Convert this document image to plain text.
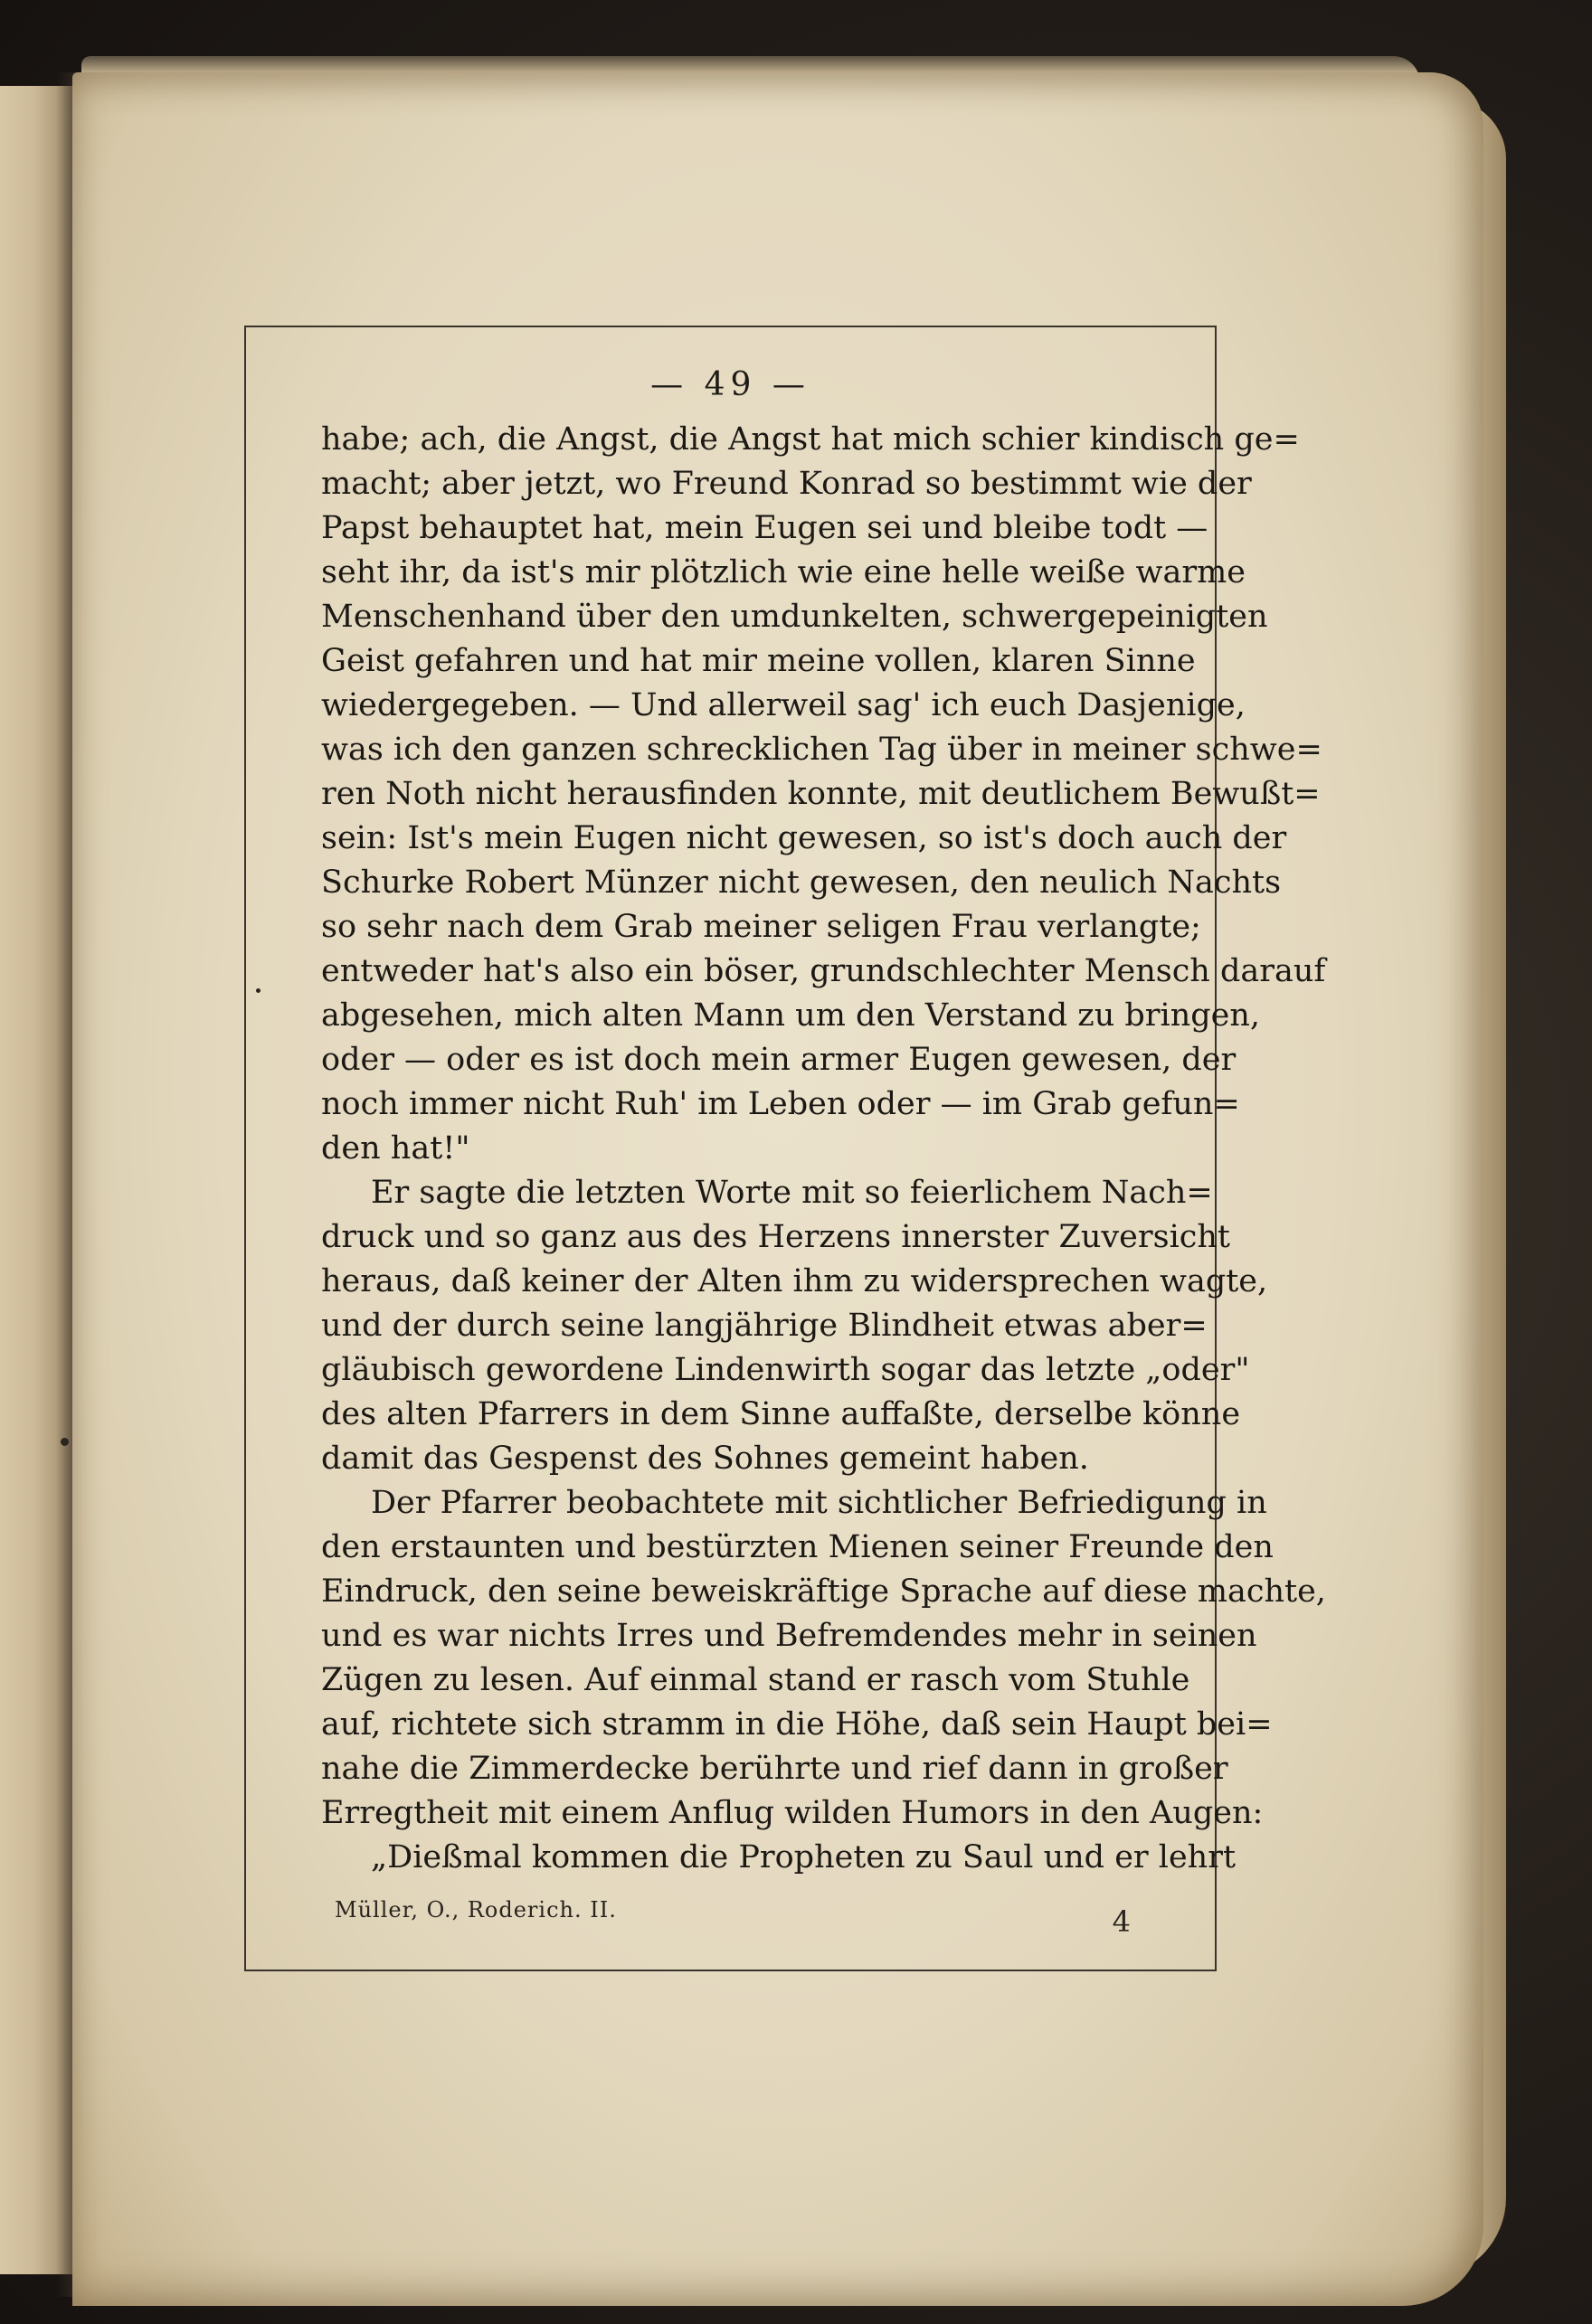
— 49 —
habe; ach, die Angst, die Angst hat mich schier kindisch ge=
macht; aber jetzt, wo Freund Konrad so bestimmt wie der
Papst behauptet hat, mein Eugen sei und bleibe todt —
seht ihr, da ist's mir plötzlich wie eine helle weiße warme
Menschenhand über den umdunkelten, schwergepeinigten
Geist gefahren und hat mir meine vollen, klaren Sinne
wiedergegeben. — Und allerweil sag' ich euch Dasjenige,
was ich den ganzen schrecklichen Tag über in meiner schwe=
ren Noth nicht herausfinden konnte, mit deutlichem Bewußt=
sein: Ist's mein Eugen nicht gewesen, so ist's doch auch der
Schurke Robert Münzer nicht gewesen, den neulich Nachts
so sehr nach dem Grab meiner seligen Frau verlangte;
entweder hat's also ein böser, grundschlechter Mensch darauf
abgesehen, mich alten Mann um den Verstand zu bringen,
oder — oder es ist doch mein armer Eugen gewesen, der
noch immer nicht Ruh' im Leben oder — im Grab gefun=
den hat!"
Er sagte die letzten Worte mit so feierlichem Nach=
druck und so ganz aus des Herzens innerster Zuversicht
heraus, daß keiner der Alten ihm zu widersprechen wagte,
und der durch seine langjährige Blindheit etwas aber=
gläubisch gewordene Lindenwirth sogar das letzte „oder"
des alten Pfarrers in dem Sinne auffaßte, derselbe könne
damit das Gespenst des Sohnes gemeint haben.
Der Pfarrer beobachtete mit sichtlicher Befriedigung in
den erstaunten und bestürzten Mienen seiner Freunde den
Eindruck, den seine beweiskräftige Sprache auf diese machte,
und es war nichts Irres und Befremdendes mehr in seinen
Zügen zu lesen. Auf einmal stand er rasch vom Stuhle
auf, richtete sich stramm in die Höhe, daß sein Haupt bei=
nahe die Zimmerdecke berührte und rief dann in großer
Erregtheit mit einem Anflug wilden Humors in den Augen:
„Dießmal kommen die Propheten zu Saul und er lehrt
Müller, O., Roderich. II.	4
